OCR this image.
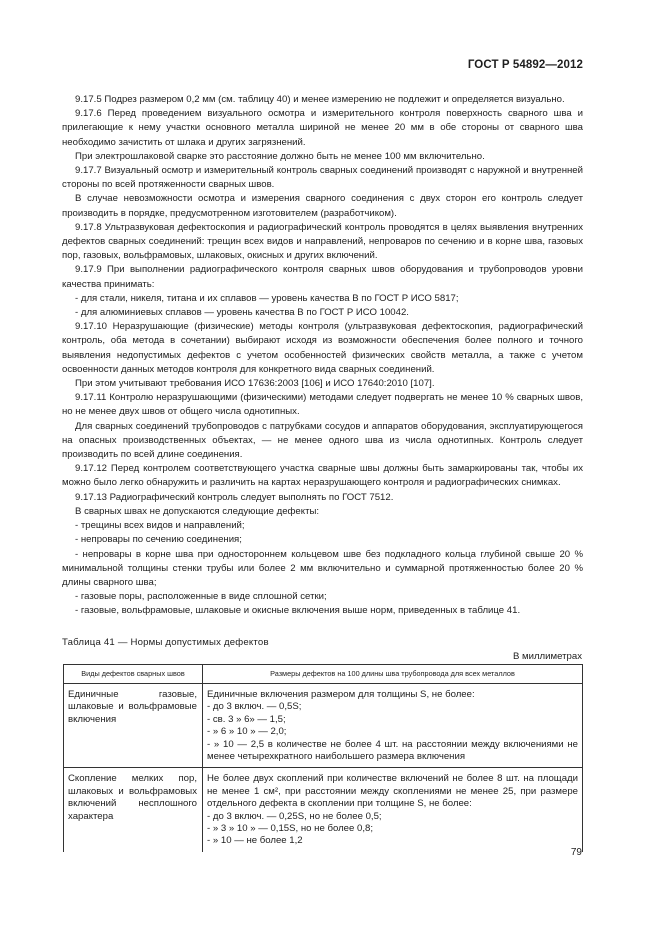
ГОСТ Р 54892—2012

9.17.5 Подрез размером 0,2 мм (см. таблицу 40) и менее измерению не подлежит и определяется визуально.

9.17.6 Перед проведением визуального осмотра и измерительного контроля поверхность сварного шва и прилегающие к нему участки основного металла шириной не менее 20 мм в обе стороны от сварного шва необходимо зачистить от шлака и других загрязнений.

При электрошлаковой сварке это расстояние должно быть не менее 100 мм включительно.

9.17.7 Визуальный осмотр и измерительный контроль сварных соединений производят с наружной и внутренней стороны по всей протяженности сварных швов.

В случае невозможности осмотра и измерения сварного соединения с двух сторон его контроль следует производить в порядке, предусмотренном изготовителем (разработчиком).

9.17.8 Ультразвуковая дефектоскопия и радиографический контроль проводятся в целях выявления внутренних дефектов сварных соединений: трещин всех видов и направлений, непроваров по сечению и в корне шва, газовых пор, газовых, вольфрамовых, шлаковых, окисных и других включений.

9.17.9 При выполнении радиографического контроля сварных швов оборудования и трубопроводов уровни качества принимать:

- для стали, никеля, титана и их сплавов — уровень качества В по ГОСТ Р ИСО 5817;

- для алюминиевых сплавов — уровень качества В по ГОСТ Р ИСО 10042.

9.17.10 Неразрушающие (физические) методы контроля (ультразвуковая дефектоскопия, радиографический контроль, оба метода в сочетании) выбирают исходя из возможности обеспечения более полного и точного выявления недопустимых дефектов с учетом особенностей физических свойств металла, а также с учетом освоенности данных методов контроля для конкретного вида сварных соединений.

При этом учитывают требования ИСО 17636:2003 [106] и ИСО 17640:2010 [107].

9.17.11 Контролю неразрушающими (физическими) методами следует подвергать не менее 10 % сварных швов, но не менее двух швов от общего числа однотипных.

Для сварных соединений трубопроводов с патрубками сосудов и аппаратов оборудования, эксплуатирующегося на опасных производственных объектах, — не менее одного шва из числа однотипных. Контроль следует производить по всей длине соединения.

9.17.12 Перед контролем соответствующего участка сварные швы должны быть замаркированы так, чтобы их можно было легко обнаружить и различить на картах неразрушающего контроля и радиографических снимках.

9.17.13 Радиографический контроль следует выполнять по ГОСТ 7512.

В сварных швах не допускаются следующие дефекты:

- трещины всех видов и направлений;

- непровары по сечению соединения;

- непровары в корне шва при одностороннем кольцевом шве без подкладного кольца глубиной свыше 20 % минимальной толщины стенки трубы или более 2 мм включительно и суммарной протяженностью более 20 % длины сварного шва;

- газовые поры, расположенные в виде сплошной сетки;

- газовые, вольфрамовые, шлаковые и окисные включения выше норм, приведенных в таблице 41.

Таблица 41 — Нормы допустимых дефектов
В миллиметрах
Виды дефектов сварных швов	Размеры дефектов на 100 длины шва трубопровода для всех металлов
Единичные газовые, шлаковые и вольфрамовые включения	Единичные включения размером для толщины S, не более:
- до 3 включ. — 0,5S;
- св. 3 » 6» — 1,5;
- » 6 » 10 » — 2,0;
- » 10 — 2,5 в количестве не более 4 шт. на расстоянии между включениями не менее четырехкратного наибольшего размера включения

Скопление мелких пор, шлаковых и вольфрамовых включений несплошного характера	Не более двух скоплений при количестве включений не более 8 шт. на площади не менее 1 см², при расстоянии между скоплениями не менее 25, при размере отдельного дефекта в скоплении при толщине S, не более:
- до 3 включ. — 0,25S, но не более 0,5;
- » 3 » 10 » — 0,15S, но не более 0,8;
- » 10 — не более 1,2
79
